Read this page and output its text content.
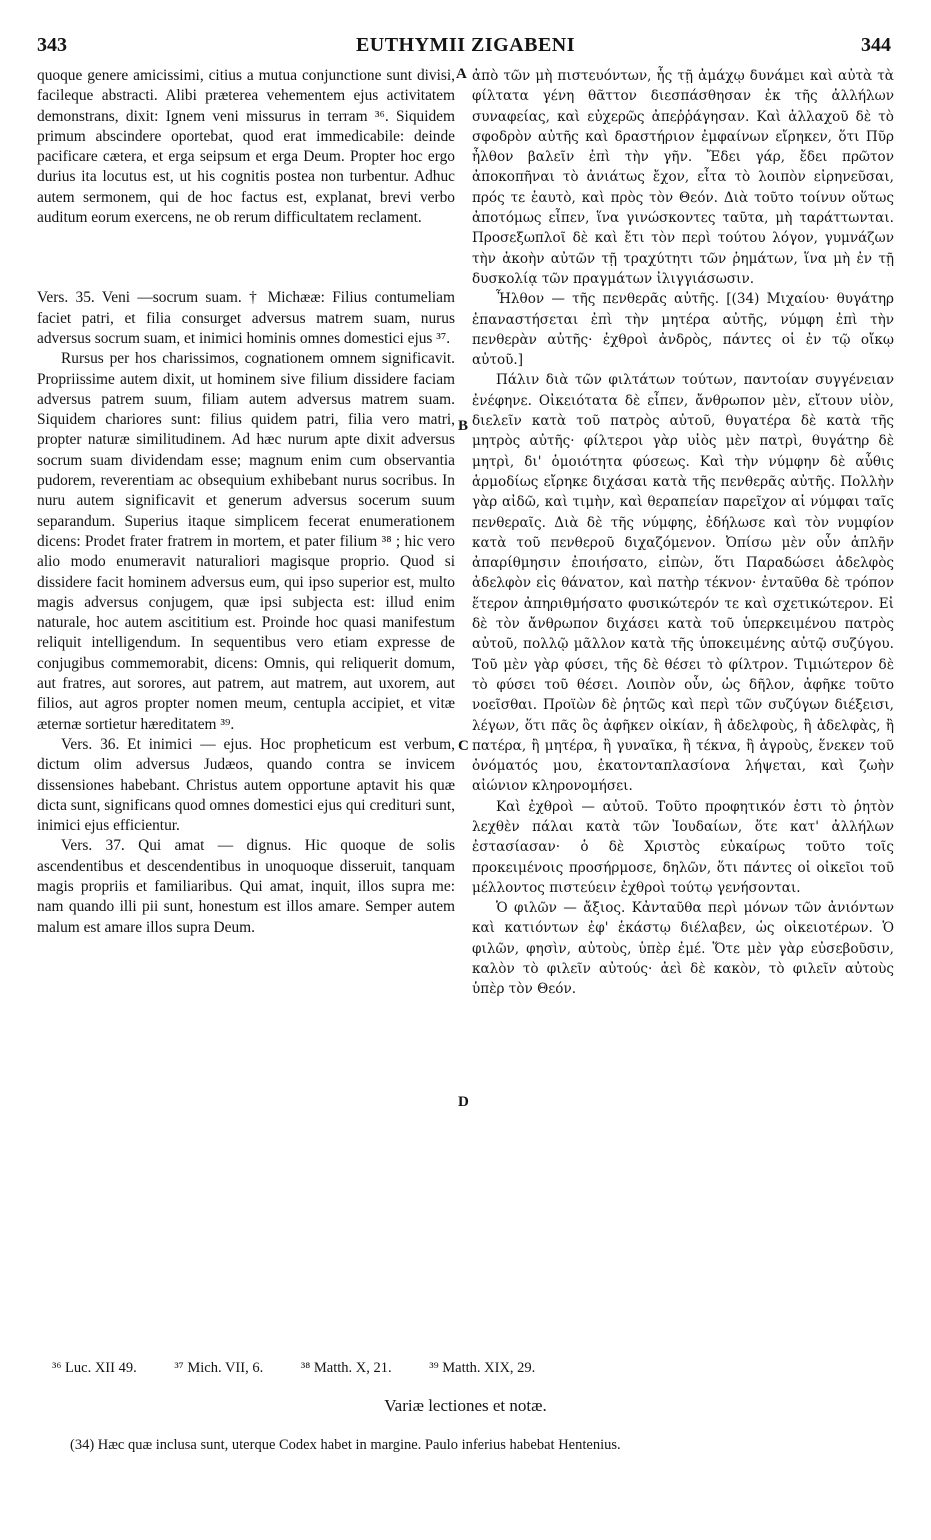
343	EUTHYMII ZIGABENI	344
A
B
C
D

quoque genere amicissimi, citius a mutua conjunctione sunt divisi, facileque abstracti. Alibi præterea vehementem ejus activitatem demonstrans, dixit: Ignem veni missurus in terram ³⁶. Siquidem primum abscindere oportebat, quod erat immedicabile: deinde pacificare cætera, et erga seipsum et erga Deum. Propter hoc ergo durius ita locutus est, ut his cognitis postea non turbentur. Adhuc autem sermonem, qui de hoc factus est, explanat, brevi verbo auditum eorum exercens, ne ob rerum difficultatem reclament.

Vers. 35. Veni —socrum suam. † Michææ: Filius contumeliam faciet patri, et filia consurget adversus matrem suam, nurus adversus socrum suam, et inimici hominis omnes domestici ejus ³⁷.

Rursus per hos charissimos, cognationem omnem significavit. Propriissime autem dixit, ut hominem sive filium dissidere faciam adversus patrem suum, filiam autem adversus matrem suam. Siquidem chariores sunt: filius quidem patri, filia vero matri, propter naturæ similitudinem. Ad hæc nurum apte dixit adversus socrum suam dividendam esse; magnum enim cum observantia pudorem, reverentiam ac obsequium exhibebant nurus socribus. In nuru autem significavit et generum adversus socerum suum separandum. Superius itaque simplicem fecerat enumerationem dicens: Prodet frater fratrem in mortem, et pater filium ³⁸ ; hic vero alio modo enumeravit naturaliori magisque proprio. Quod si dissidere facit hominem adversus eum, qui ipso superior est, multo magis adversus conjugem, quæ ipsi subjecta est: illud enim naturale, hoc autem ascititium est. Proinde hoc quasi manifestum reliquit intelligendum. In sequentibus vero etiam expresse de conjugibus commemorabit, dicens: Omnis, qui reliquerit domum, aut fratres, aut sorores, aut patrem, aut matrem, aut uxorem, aut filios, aut agros propter nomen meum, centupla accipiet, et vitæ æternæ sortietur hæreditatem ³⁹.

Vers. 36. Et inimici — ejus. Hoc propheticum est verbum, dictum olim adversus Judæos, quando contra se invicem dissensiones habebant. Christus autem opportune aptavit his quæ dicta sunt, significans quod omnes domestici ejus qui credituri sunt, inimici ejus efficientur.

Vers. 37. Qui amat — dignus. Hic quoque de solis ascendentibus et descendentibus in unoquoque disseruit, tanquam magis propriis et familiaribus. Qui amat, inquit, illos supra me: nam quando illi pii sunt, honestum est illos amare. Semper autem malum est amare illos supra Deum.

ἀπὸ τῶν μὴ πιστευόντων, ἧς τῇ ἀμάχῳ δυνάμει καὶ αὐτὰ τὰ φίλτατα γένη θᾶττον διεσπάσθησαν ἐκ τῆς ἀλλήλων συναφείας, καὶ εὐχερῶς ἀπεῤῥάγησαν. Καὶ ἀλλαχοῦ δὲ τὸ σφοδρὸν αὐτῆς καὶ δραστήριον ἐμφαίνων εἴρηκεν, ὅτι Πῦρ ἦλθον βαλεῖν ἐπὶ τὴν γῆν. Ἔδει γάρ, ἔδει πρῶτον ἀποκοπῆναι τὸ ἀνιάτως ἔχον, εἶτα τὸ λοιπὸν εἰρηνεῦσαι, πρός τε ἑαυτὸ, καὶ πρὸς τὸν Θεόν. Διὰ τοῦτο τοίνυν οὕτως ἀποτόμως εἶπεν, ἵνα γινώσκοντες ταῦτα, μὴ ταράττωνται. Προσεξωπλοῖ δὲ καὶ ἔτι τὸν περὶ τούτου λόγον, γυμνάζων τὴν ἀκοὴν αὐτῶν τῇ τραχύτητι τῶν ῥημάτων, ἵνα μὴ ἐν τῇ δυσκολίᾳ τῶν πραγμάτων ἰλιγγιάσωσιν.

Ἦλθον — τῆς πενθερᾶς αὐτῆς. [(34) Μιχαίου· θυγάτηρ ἐπαναστήσεται ἐπὶ τὴν μητέρα αὐτῆς, νύμφη ἐπὶ τὴν πενθερὰν αὐτῆς· ἐχθροὶ ἀνδρὸς, πάντες οἱ ἐν τῷ οἴκῳ αὐτοῦ.]

Πάλιν διὰ τῶν φιλτάτων τούτων, παντοίαν συγγένειαν ἐνέφηνε. Οἰκειότατα δὲ εἶπεν, ἄνθρωπον μὲν, εἴτουν υἱὸν, διελεῖν κατὰ τοῦ πατρὸς αὐτοῦ, θυγατέρα δὲ κατὰ τῆς μητρὸς αὐτῆς· φίλτεροι γὰρ υἱὸς μὲν πατρὶ, θυγάτηρ δὲ μητρὶ, δι' ὁμοιότητα φύσεως. Καὶ τὴν νύμφην δὲ αὖθις ἁρμοδίως εἴρηκε διχάσαι κατὰ τῆς πενθερᾶς αὐτῆς. Πολλὴν γὰρ αἰδῶ, καὶ τιμὴν, καὶ θεραπείαν παρεῖχον αἱ νύμφαι ταῖς πενθεραῖς. Διὰ δὲ τῆς νύμφης, ἐδήλωσε καὶ τὸν νυμφίον κατὰ τοῦ πενθεροῦ διχαζόμενον. Ὀπίσω μὲν οὖν ἁπλῆν ἀπαρίθμησιν ἐποιήσατο, εἰπὼν, ὅτι Παραδώσει ἀδελφὸς ἀδελφὸν εἰς θάνατον, καὶ πατὴρ τέκνον· ἐνταῦθα δὲ τρόπον ἕτερον ἀπηριθμήσατο φυσικώτερόν τε καὶ σχετικώτερον. Εἰ δὲ τὸν ἄνθρωπον διχάσει κατὰ τοῦ ὑπερκειμένου πατρὸς αὐτοῦ, πολλῷ μᾶλλον κατὰ τῆς ὑποκειμένης αὐτῷ συζύγου. Τοῦ μὲν γὰρ φύσει, τῆς δὲ θέσει τὸ φίλτρον. Τιμιώτερον δὲ τὸ φύσει τοῦ θέσει. Λοιπὸν οὖν, ὡς δῆλον, ἀφῆκε τοῦτο νοεῖσθαι. Προϊὼν δὲ ῥητῶς καὶ περὶ τῶν συζύγων διέξεισι, λέγων, ὅτι πᾶς ὃς ἀφῆκεν οἰκίαν, ἢ ἀδελφοὺς, ἢ ἀδελφὰς, ἢ πατέρα, ἢ μητέρα, ἢ γυναῖκα, ἢ τέκνα, ἢ ἀγροὺς, ἕνεκεν τοῦ ὀνόματός μου, ἑκατονταπλασίονα λήψεται, καὶ ζωὴν αἰώνιον κληρονομήσει.

Καὶ ἐχθροὶ — αὐτοῦ. Τοῦτο προφητικόν ἐστι τὸ ῥητὸν λεχθὲν πάλαι κατὰ τῶν Ἰουδαίων, ὅτε κατ' ἀλλήλων ἐστασίασαν· ὁ δὲ Χριστὸς εὐκαίρως τοῦτο τοῖς προκειμένοις προσήρμοσε, δηλῶν, ὅτι πάντες οἱ οἰκεῖοι τοῦ μέλλοντος πιστεύειν ἐχθροὶ τούτῳ γενήσονται.

Ὁ φιλῶν — ἄξιος. Κἀνταῦθα περὶ μόνων τῶν ἀνιόντων καὶ κατιόντων ἐφ' ἑκάστῳ διέλαβεν, ὡς οἰκειοτέρων. Ὁ φιλῶν, φησὶν, αὐτοὺς, ὑπὲρ ἐμέ. Ὅτε μὲν γὰρ εὐσεβοῦσιν, καλὸν τὸ φιλεῖν αὐτούς· ἀεὶ δὲ κακὸν, τὸ φιλεῖν αὐτοὺς ὑπὲρ τὸν Θεόν.

³⁶ Luc. XII 49.	³⁷ Mich. VII, 6.	³⁸ Matth. X, 21.	³⁹ Matth. XIX, 29.
Variæ lectiones et notæ.
(34) Hæc quæ inclusa sunt, uterque Codex habet in margine. Paulo inferius habebat Hentenius.
